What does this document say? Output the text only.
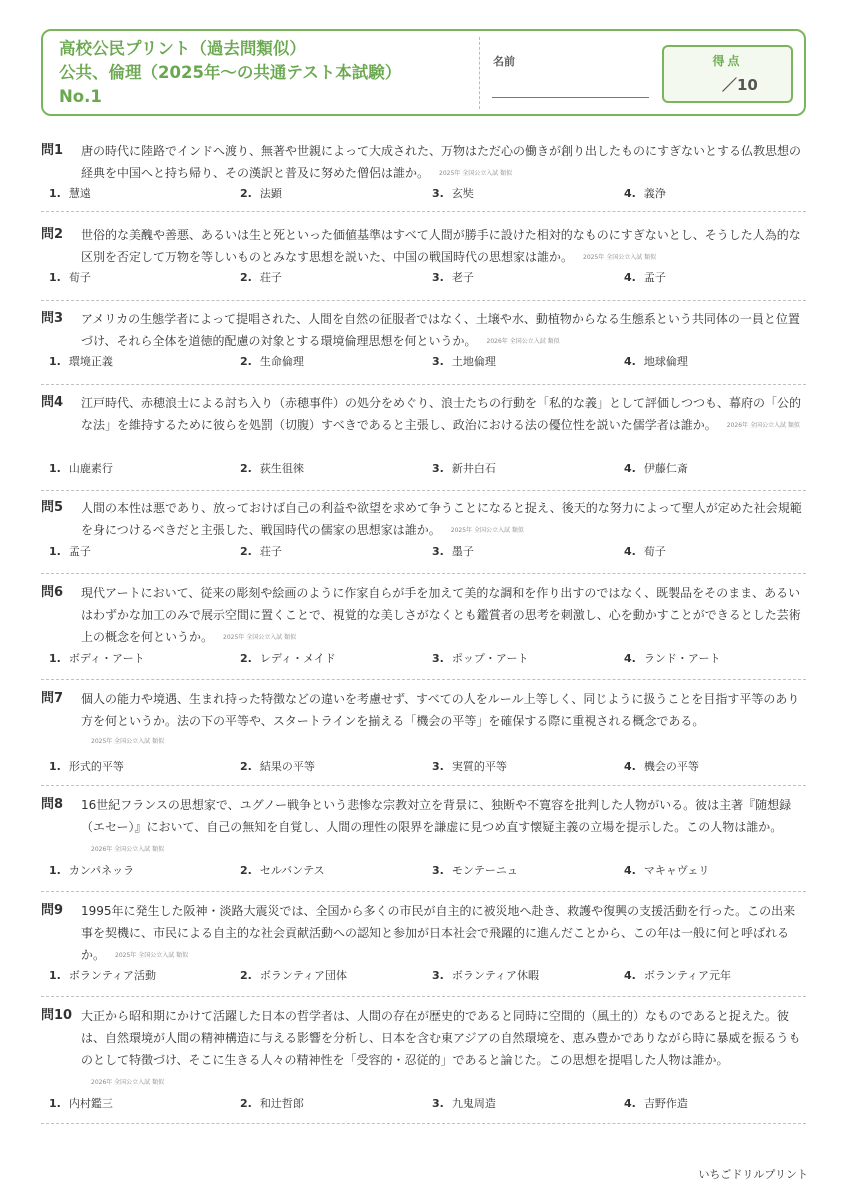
高校公民プリント（過去問類似）
公共、倫理（2025年〜の共通テスト本試験）
No.1
名前	得点
／10
問1 唐の時代に陸路でインドへ渡り、無著や世親によって大成された、万物はただ心の働きが創り出したものにすぎないとする仏教思想の経典を中国へと持ち帰り、その漢訳と普及に努めた僧侶は誰か。 2025年 全国公立入試 類似
1. 慧遠	2. 法顕	3. 玄奘	4. 義浄
問2 世俗的な美醜や善悪、あるいは生と死といった価値基準はすべて人間が勝手に設けた相対的なものにすぎないとし、そうした人為的な区別を否定して万物を等しいものとみなす思想を説いた、中国の戦国時代の思想家は誰か。 2025年 全国公立入試 類似
1. 荀子	2. 荘子	3. 老子	4. 孟子
問3 アメリカの生態学者によって提唱された、人間を自然の征服者ではなく、土壌や水、動植物からなる生態系という共同体の一員と位置づけ、それら全体を道徳的配慮の対象とする環境倫理思想を何というか。 2026年 全国公立入試 類似
1. 環境正義	2. 生命倫理	3. 土地倫理	4. 地球倫理
問4 江戸時代、赤穂浪士による討ち入り（赤穂事件）の処分をめぐり、浪士たちの行動を「私的な義」として評価しつつも、幕府の「公的な法」を維持するために彼らを処罰（切腹）すべきであると主張し、政治における法の優位性を説いた儒学者は誰か。 2026年 全国公立入試 類似
1. 山鹿素行	2. 荻生徂徠	3. 新井白石	4. 伊藤仁斎
問5 人間の本性は悪であり、放っておけば自己の利益や欲望を求めて争うことになると捉え、後天的な努力によって聖人が定めた社会規範を身につけるべきだと主張した、戦国時代の儒家の思想家は誰か。 2025年 全国公立入試 類似
1. 孟子	2. 荘子	3. 墨子	4. 荀子
問6 現代アートにおいて、従来の彫刻や絵画のように作家自らが手を加えて美的な調和を作り出すのではなく、既製品をそのまま、あるいはわずかな加工のみで展示空間に置くことで、視覚的な美しさがなくとも鑑賞者の思考を刺激し、心を動かすことができるとした芸術上の概念を何というか。 2025年 全国公立入試 類似
1. ボディ・アート	2. レディ・メイド	3. ポップ・アート	4. ランド・アート
問7 個人の能力や境遇、生まれ持った特徴などの違いを考慮せず、すべての人をルール上等しく、同じように扱うことを目指す平等のあり方を何というか。法の下の平等や、スタートラインを揃える「機会の平等」を確保する際に重視される概念である。
2025年 全国公立入試 類似
1. 形式的平等	2. 結果の平等	3. 実質的平等	4. 機会の平等
問8 16世紀フランスの思想家で、ユグノー戦争という悲惨な宗教対立を背景に、独断や不寛容を批判した人物がいる。彼は主著『随想録（エセー）』において、自己の無知を自覚し、人間の理性の限界を謙虚に見つめ直す懐疑主義の立場を提示した。この人物は誰か。2026年 全国公立入試 類似
1. カンパネッラ	2. セルバンテス	3. モンテーニュ	4. マキャヴェリ
問9 1995年に発生した阪神・淡路大震災では、全国から多くの市民が自主的に被災地へ赴き、救護や復興の支援活動を行った。この出来事を契機に、市民による自主的な社会貢献活動への認知と参加が日本社会で飛躍的に進んだことから、この年は一般に何と呼ばれるか。 2025年 全国公立入試 類似
1. ボランティア活動	2. ボランティア団体	3. ボランティア休暇	4. ボランティア元年
問10 大正から昭和期にかけて活躍した日本の哲学者は、人間の存在が歴史的であると同時に空間的（風土的）なものであると捉えた。彼は、自然環境が人間の精神構造に与える影響を分析し、日本を含む東アジアの自然環境を、恵み豊かでありながら時に暴威を振るうものとして特徴づけ、そこに生きる人々の精神性を「受容的・忍従的」であると論じた。この思想を提唱した人物は誰か。2026年 全国公立入試 類似
1. 内村鑑三	2. 和辻哲郎	3. 九鬼周造	4. 吉野作造
いちごドリルプリント
